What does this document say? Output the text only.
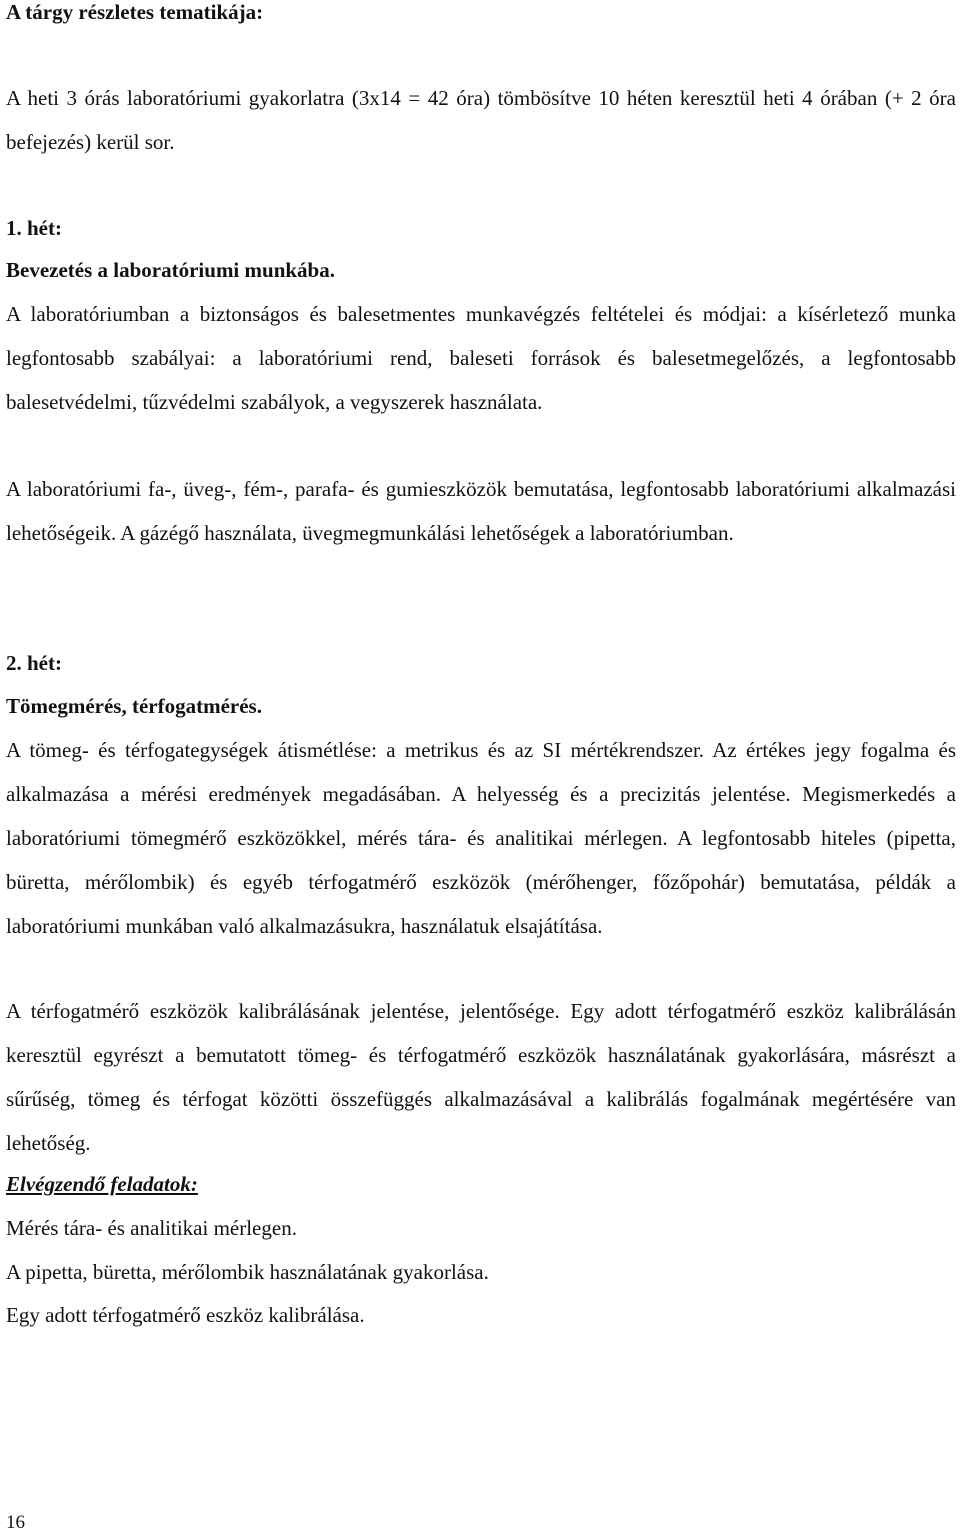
A tárgy részletes tematikája:

A heti 3 órás laboratóriumi gyakorlatra (3x14 = 42 óra) tömbösítve 10 héten keresztül heti 4 órában (+ 2 óra befejezés) kerül sor.

1. hét:

Bevezetés a laboratóriumi munkába.

A laboratóriumban a biztonságos és balesetmentes munkavégzés feltételei és módjai: a kísérletező munka legfontosabb szabályai: a laboratóriumi rend, baleseti források és balesetmegelőzés, a legfontosabb balesetvédelmi, tűzvédelmi szabályok, a vegyszerek használata.

A laboratóriumi fa-, üveg-, fém-, parafa- és gumieszközök bemutatása, legfontosabb laboratóriumi alkalmazási lehetőségeik. A gázégő használata, üvegmegmunkálási lehetőségek a laboratóriumban.

2. hét:

Tömegmérés, térfogatmérés.

A tömeg- és térfogategységek átismétlése: a metrikus és az SI mértékrendszer. Az értékes jegy fogalma és alkalmazása a mérési eredmények megadásában. A helyesség és a precizitás jelentése. Megismerkedés a laboratóriumi tömegmérő eszközökkel, mérés tára- és analitikai mérlegen. A legfontosabb hiteles (pipetta, büretta, mérőlombik) és egyéb térfogatmérő eszközök (mérőhenger, főzőpohár) bemutatása, példák a laboratóriumi munkában való alkalmazásukra, használatuk elsajátítása.

A térfogatmérő eszközök kalibrálásának jelentése, jelentősége. Egy adott térfogatmérő eszköz kalibrálásán keresztül egyrészt a bemutatott tömeg- és térfogatmérő eszközök használatának gyakorlására, másrészt a sűrűség, tömeg és térfogat közötti összefüggés alkalmazásával a kalibrálás fogalmának megértésére van lehetőség.

Elvégzendő feladatok:

Mérés tára- és analitikai mérlegen.

A pipetta, büretta, mérőlombik használatának gyakorlása.

Egy adott térfogatmérő eszköz kalibrálása.

16
